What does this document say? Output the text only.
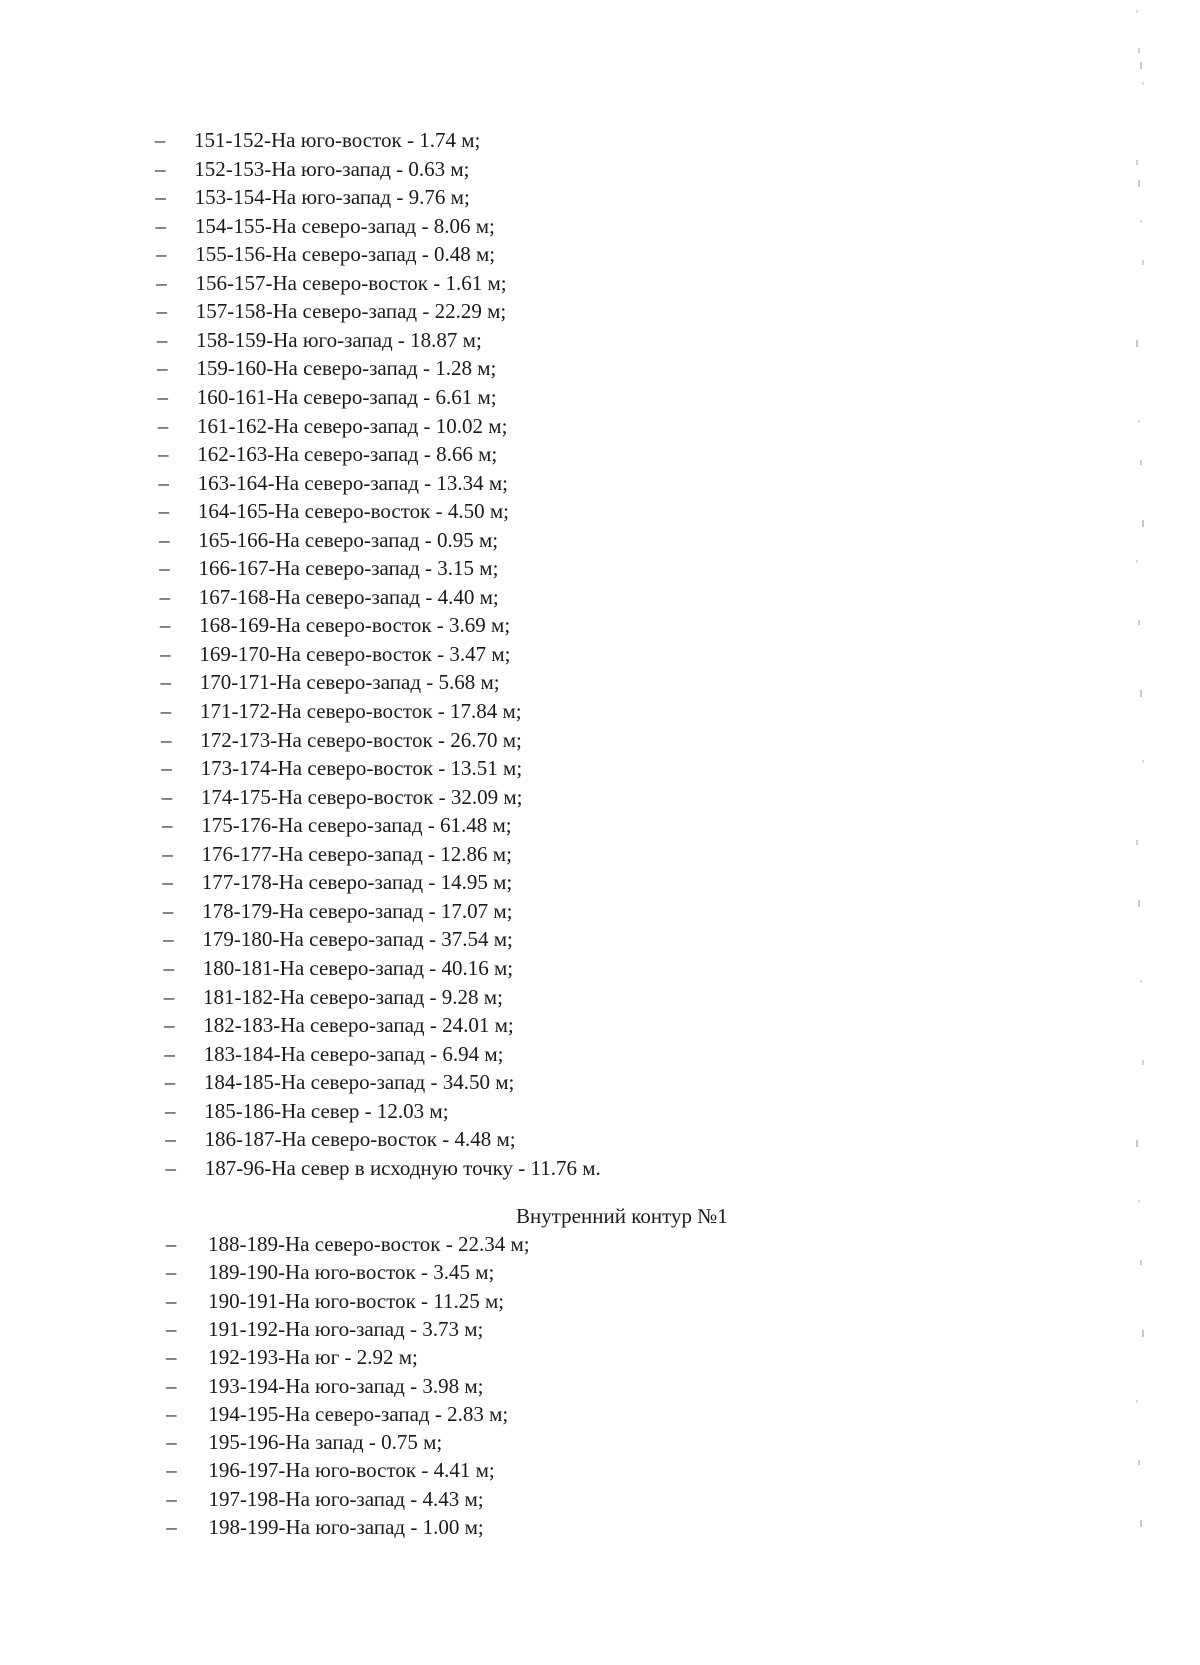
– 151-152-На юго-восток - 1.74 м;
– 152-153-На юго-запад - 0.63 м;
– 153-154-На юго-запад - 9.76 м;
– 154-155-На северо-запад - 8.06 м;
– 155-156-На северо-запад - 0.48 м;
– 156-157-На северо-восток - 1.61 м;
– 157-158-На северо-запад - 22.29 м;
– 158-159-На юго-запад - 18.87 м;
– 159-160-На северо-запад - 1.28 м;
– 160-161-На северо-запад - 6.61 м;
– 161-162-На северо-запад - 10.02 м;
– 162-163-На северо-запад - 8.66 м;
– 163-164-На северо-запад - 13.34 м;
– 164-165-На северо-восток - 4.50 м;
– 165-166-На северо-запад - 0.95 м;
– 166-167-На северо-запад - 3.15 м;
– 167-168-На северо-запад - 4.40 м;
– 168-169-На северо-восток - 3.69 м;
– 169-170-На северо-восток - 3.47 м;
– 170-171-На северо-запад - 5.68 м;
– 171-172-На северо-восток - 17.84 м;
– 172-173-На северо-восток - 26.70 м;
– 173-174-На северо-восток - 13.51 м;
– 174-175-На северо-восток - 32.09 м;
– 175-176-На северо-запад - 61.48 м;
– 176-177-На северо-запад - 12.86 м;
– 177-178-На северо-запад - 14.95 м;
– 178-179-На северо-запад - 17.07 м;
– 179-180-На северо-запад - 37.54 м;
– 180-181-На северо-запад - 40.16 м;
– 181-182-На северо-запад - 9.28 м;
– 182-183-На северо-запад - 24.01 м;
– 183-184-На северо-запад - 6.94 м;
– 184-185-На северо-запад - 34.50 м;
– 185-186-На север - 12.03 м;
– 186-187-На северо-восток - 4.48 м;
– 187-96-На север в исходную точку - 11.76 м.
Внутренний контур №1
– 188-189-На северо-восток - 22.34 м;
– 189-190-На юго-восток - 3.45 м;
– 190-191-На юго-восток - 11.25 м;
– 191-192-На юго-запад - 3.73 м;
– 192-193-На юг - 2.92 м;
– 193-194-На юго-запад - 3.98 м;
– 194-195-На северо-запад - 2.83 м;
– 195-196-На запад - 0.75 м;
– 196-197-На юго-восток - 4.41 м;
– 197-198-На юго-запад - 4.43 м;
– 198-199-На юго-запад - 1.00 м;
